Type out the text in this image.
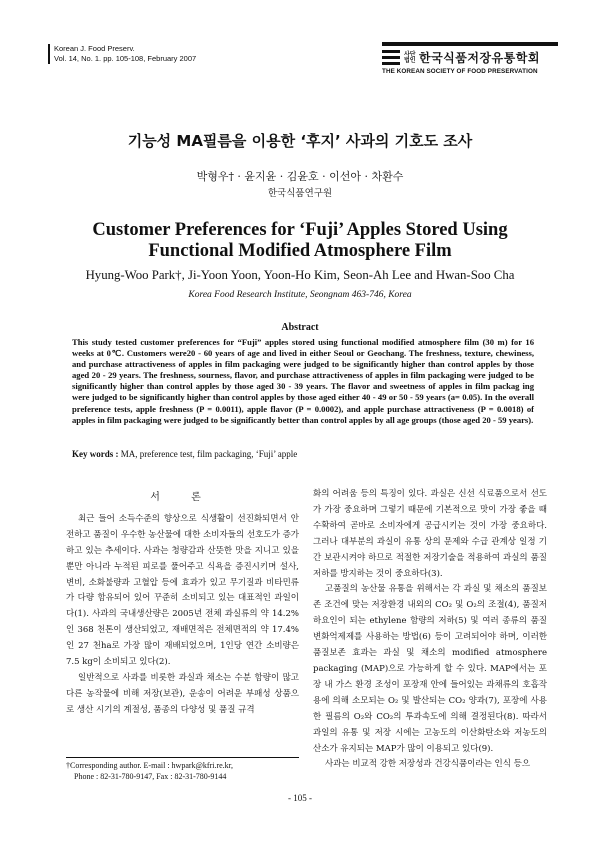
Korean J. Food Preserv.
Vol. 14, No. 1. pp. 105-108, February 2007	사단 법인 한국식품저장유통학회
THE KOREAN SOCIETY OF FOOD PRESERVATION
기능성 MA필름을 이용한 ‘후지’ 사과의 기호도 조사
박형우† · 윤지윤 · 김윤호 · 이선아 · 차환수
한국식품연구원
Customer Preferences for ‘Fuji’ Apples Stored Using Functional Modified Atmosphere Film
Hyung-Woo Park†, Ji-Yoon Yoon, Yoon-Ho Kim, Seon-Ah Lee and Hwan-Soo Cha
Korea Food Research Institute, Seongnam 463-746, Korea
Abstract
This study tested customer preferences for “Fuji” apples stored using functional modified atmosphere film (30 m) for 16 weeks at 0℃. Customers were20 - 60 years of age and lived in either Seoul or Geochang. The freshness, texture, chewiness, and purchase attractiveness of apples in film packaging were judged to be significantly higher than control apples by those aged 20 - 29 years. The freshness, sourness, flavor, and purchase attractiveness of apples in film packaging were judged to be significantly higher than control apples by those aged 30 - 39 years. The flavor and sweetness of apples in film packag ing were judged to be significantly higher than control apples by those aged either 40 - 49 or 50 - 59 years (a= 0.05). In the overall preference tests, apple freshness (P = 0.0011), apple flavor (P = 0.0002), and apple purchase attractiveness (P = 0.0018) of apples in film packaging were judged to be significantly better than control apples by all age groups (those aged 20 - 59 years).
Key words : MA, preference test, film packaging, ‘Fuji’ apple
서 론

최근 들어 소득수준의 향상으로 식생활이 선진화되면서 안전하고 품질이 우수한 농산물에 대한 소비자들의 선호도가 증가하고 있는 추세이다. 사과는 청량감과 산뜻한 맛을 지니고 있을 뿐만 아니라 누적된 피로를 풀어주고 식욕을 증진시키며 설사, 변비, 소화불량과 고혈압 등에 효과가 있고 무기질과 비타민류가 다량 함유되어 있어 꾸준히 소비되고 있는 대표적인 과일이다(1). 사과의 국내생산량은 2005년 전체 과실류의 약 14.2%인 368 천톤이 생산되었고, 재배면적은 전체면적의 약 17.4%인 27 천ha로 가장 많이 재배되었으며, 1인당 연간 소비량은 7.5 kg이 소비되고 있다(2).

일반적으로 사과를 비롯한 과실과 채소는 수분 함량이 많고 다른 농작물에 비해 저장(보관), 운송이 어려운 부패성 상품으로 생산 시기의 계절성, 품종의 다양성 및 품질 규격

화의 어려움 등의 특징이 있다. 과실은 신선 식료품으로서 선도가 가장 중요하며 그렇기 때문에 기본적으로 맛이 가장 좋을 때 수확하여 곧바로 소비자에게 공급시키는 것이 가장 중요하다. 그러나 대부분의 과실이 유통 상의 문제와 수급 관계상 일정 기간 보관시켜야 하므로 적절한 저장기술을 적용하여 과실의 품질저하를 방지하는 것이 중요하다(3).

고품질의 농산물 유통을 위해서는 각 과실 및 채소의 품질보존 조건에 맞는 저장환경 내외의 CO₂ 및 O₂의 조절(4), 품질저하요인이 되는 ethylene 함량의 저하(5) 및 여러 종류의 품질변화억제제를 사용하는 방법(6) 등이 고려되어야 하며, 이러한 품질보존 효과는 과실 및 채소의 modified atmosphere packaging (MAP)으로 가능하게 할 수 있다. MAP에서는 포장 내 가스 환경 조성이 포장재 안에 들어있는 과채류의 호흡작용에 의해 소모되는 O₂ 및 발산되는 CO₂ 양과(7), 포장에 사용한 필름의 O₂와 CO₂의 투과속도에 의해 결정된다(8). 따라서 과일의 유통 및 저장 시에는 고농도의 이산화탄소와 저농도의 산소가 유지되는 MAP가 많이 이용되고 있다(9).

사과는 비교적 강한 저장성과 건강식품이라는 인식 등으

†Corresponding author. E-mail : hwpark@kfri.re.kr,
Phone : 82-31-780-9147, Fax : 82-31-780-9144
- 105 -
